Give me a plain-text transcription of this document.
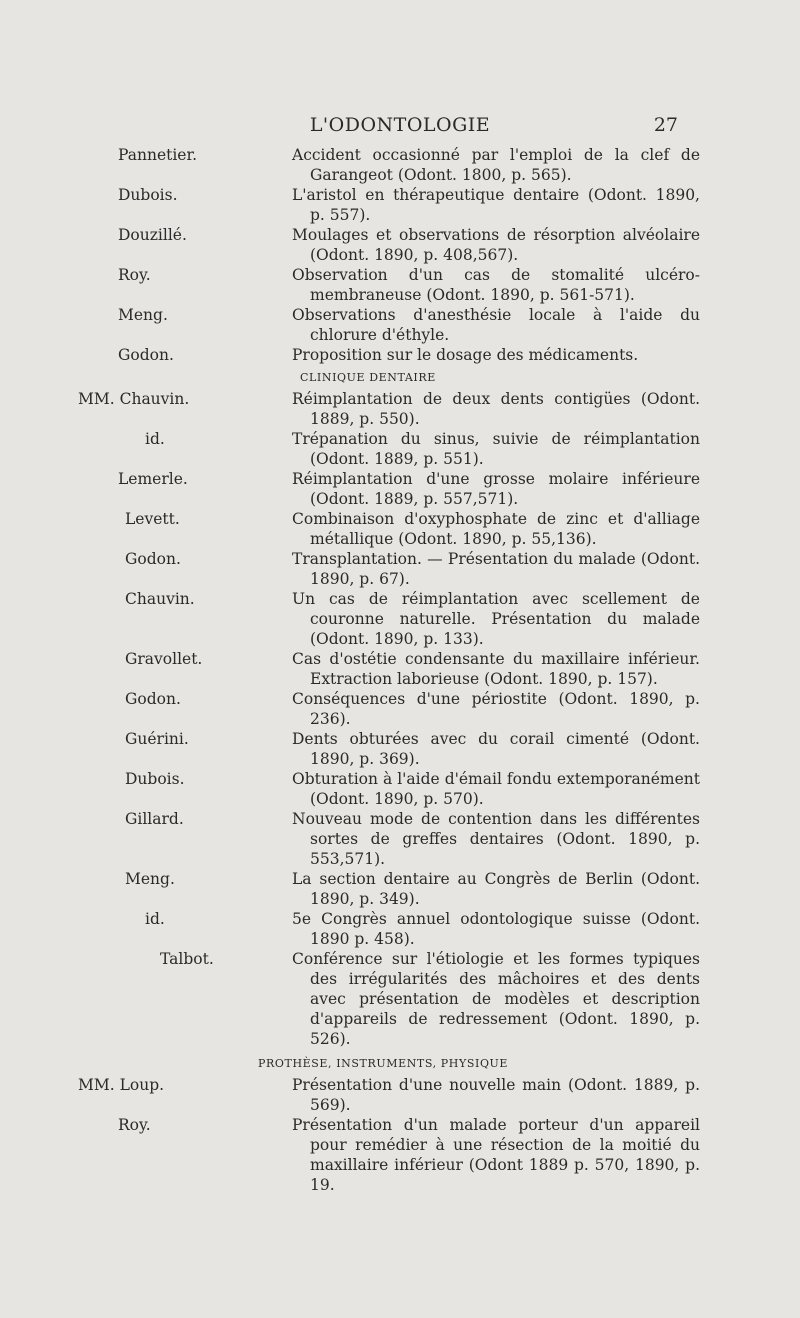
L'ODONTOLOGIE	27
Pannetier.	Accident occasionné par l'emploi de la clef de Garangeot (Odont. 1800, p. 565).
Dubois.	L'aristol en thérapeutique dentaire (Odont. 1890, p. 557).
Douzillé.	Moulages et observations de résorption alvéolaire (Odont. 1890, p. 408,567).
Roy.	Observation d'un cas de stomalité ulcéro-membraneuse (Odont. 1890, p. 561-571).
Meng.	Observations d'anesthésie locale à l'aide du chlorure d'éthyle.
Godon.	Proposition sur le dosage des médicaments.
CLINIQUE DENTAIRE
MM. Chauvin.	Réimplantation de deux dents contigües (Odont. 1889, p. 550).
id.	Trépanation du sinus, suivie de réimplantation (Odont. 1889, p. 551).
Lemerle.	Réimplantation d'une grosse molaire inférieure (Odont. 1889, p. 557,571).
Levett.	Combinaison d'oxyphosphate de zinc et d'alliage métallique (Odont. 1890, p. 55,136).
Godon.	Transplantation. — Présentation du malade (Odont. 1890, p. 67).
Chauvin.	Un cas de réimplantation avec scellement de couronne naturelle. Présentation du malade (Odont. 1890, p. 133).
Gravollet.	Cas d'ostétie condensante du maxillaire inférieur. Extraction laborieuse (Odont. 1890, p. 157).
Godon.	Conséquences d'une périostite (Odont. 1890, p. 236).
Guérini.	Dents obturées avec du corail cimenté (Odont. 1890, p. 369).
Dubois.	Obturation à l'aide d'émail fondu extemporanément (Odont. 1890, p. 570).
Gillard.	Nouveau mode de contention dans les différentes sortes de greffes dentaires (Odont. 1890, p. 553,571).
Meng.	La section dentaire au Congrès de Berlin (Odont. 1890, p. 349).
id.	5e Congrès annuel odontologique suisse (Odont. 1890 p. 458).
Talbot.	Conférence sur l'étiologie et les formes typiques des irrégularités des mâchoires et des dents avec présentation de modèles et description d'appareils de redressement (Odont. 1890, p. 526).
PROTHÈSE, INSTRUMENTS, PHYSIQUE
MM. Loup.	Présentation d'une nouvelle main (Odont. 1889, p. 569).
Roy.	Présentation d'un malade porteur d'un appareil pour remédier à une résection de la moitié du maxillaire inférieur (Odont 1889 p. 570, 1890, p. 19.
